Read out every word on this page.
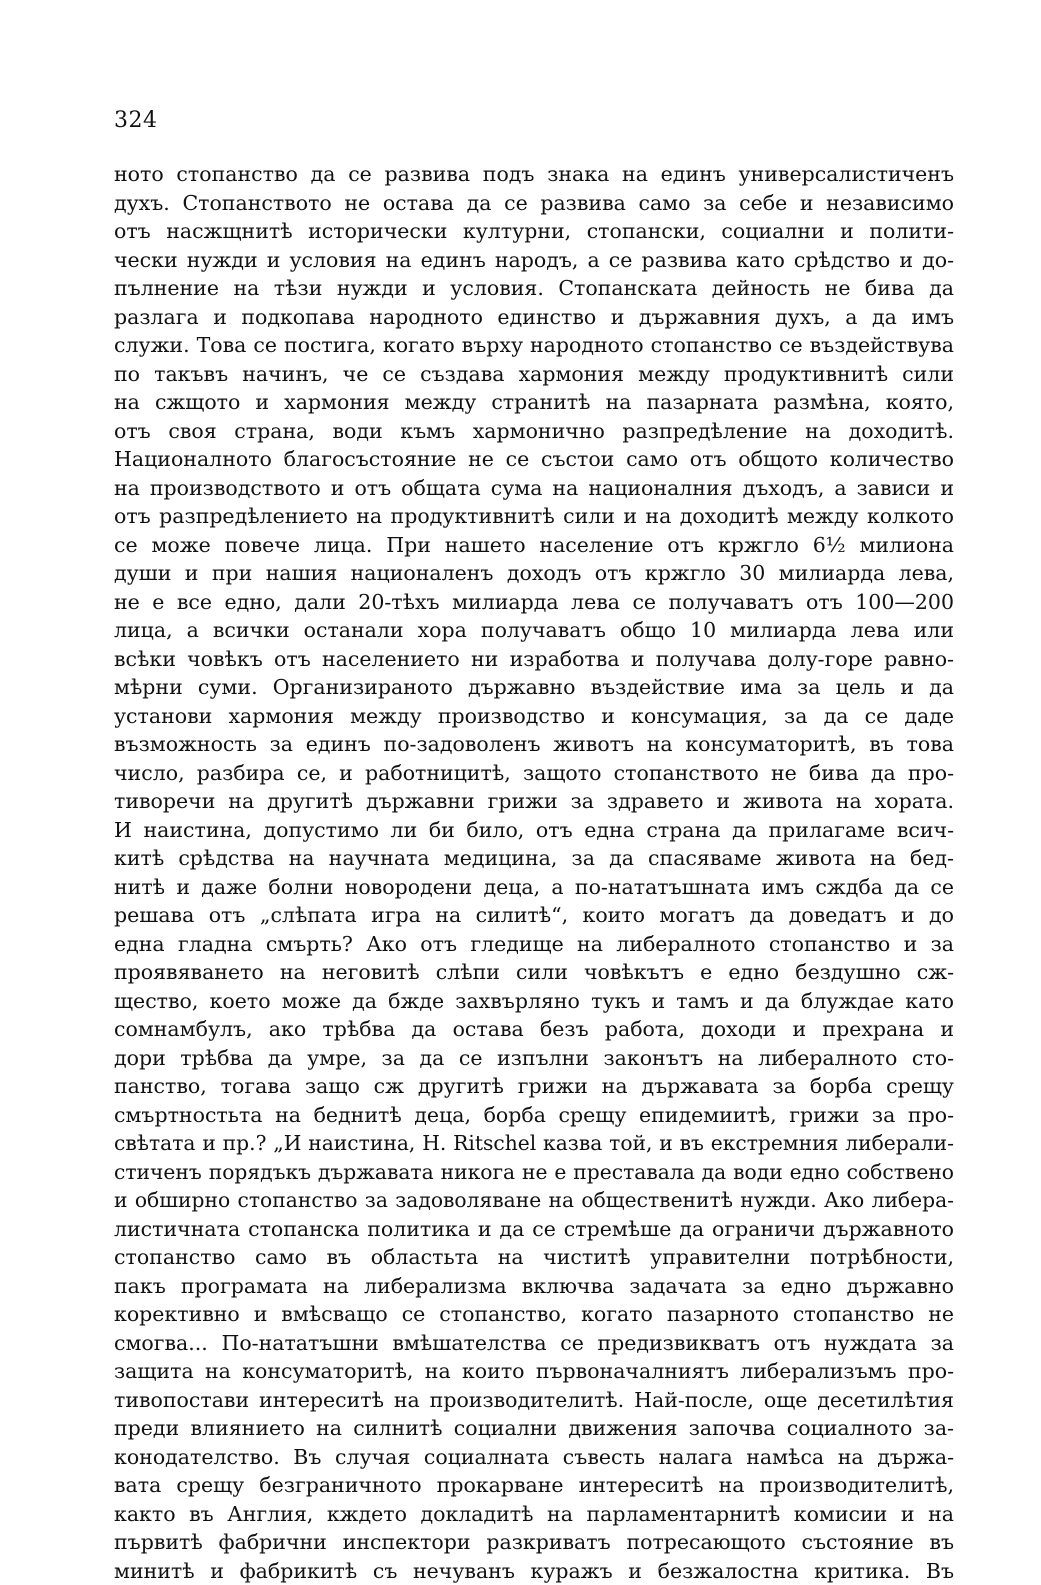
324
ното стопанство да се развива подъ знака на единъ универсалистиченъ
духъ. Стопанството не остава да се развива само за себе и независимо
отъ насжщнитѣ исторически културни, стопански, социални и полити-
чески нужди и условия на единъ народъ, а се развива като срѣдство и до-
пълнение на тѣзи нужди и условия. Стопанската дейность не бива да
разлага и подкопава народното единство и държавния духъ, а да имъ
служи. Това се постига, когато върху народното стопанство се въздействува
по такъвъ начинъ, че се създава хармония между продуктивнитѣ сили
на сжщото и хармония между странитѣ на пазарната размѣна, която,
отъ своя страна, води къмъ хармонично разпредѣление на доходитѣ.
Националното благосъстояние не се състои само отъ общото количество
на производството и отъ общата сума на националния дъходъ, а зависи и
отъ разпредѣлението на продуктивнитѣ сили и на доходитѣ между колкото
се може повече лица. При нашето население отъ кржгло 6½ милиона
души и при нашия националенъ доходъ отъ кржгло 30 милиарда лева,
не е все едно, дали 20-тѣхъ милиарда лева се получаватъ отъ 100—200
лица, а всички останали хора получаватъ общо 10 милиарда лева или
всѣки човѣкъ отъ населението ни изработва и получава долу-горе равно-
мѣрни суми. Организираното държавно въздействие има за цель и да
установи хармония между производство и консумация, за да се даде
възможность за единъ по-задоволенъ животъ на консуматоритѣ, въ това
число, разбира се, и работницитѣ, защото стопанството не бива да про-
тиворечи на другитѣ държавни грижи за здравето и живота на хората.
И наистина, допустимо ли би било, отъ една страна да прилагаме всич-
китѣ срѣдства на научната медицина, за да спасяваме живота на бед-
нитѣ и даже болни новородени деца, а по-нататъшната имъ сждба да се
решава отъ „слѣпата игра на силитѣ“, които могатъ да доведатъ и до
една гладна смърть? Ако отъ гледище на либералното стопанство и за
проявяването на неговитѣ слѣпи сили човѣкътъ е едно бездушно сж-
щество, което може да бжде захвърляно тукъ и тамъ и да блуждае като
сомнамбулъ, ако трѣбва да остава безъ работа, доходи и прехрана и
дори трѣбва да умре, за да се изпълни законътъ на либералното сто-
панство, тогава защо сж другитѣ грижи на държавата за борба срещу
смъртностьта на беднитѣ деца, борба срещу епидемиитѣ, грижи за про-
свѣтата и пр.? „И наистина, H. Ritschel казва той, и въ екстремния либерали-
стиченъ порядъкъ държавата никога не е преставала да води едно собствено
и обширно стопанство за задоволяване на общественитѣ нужди. Ако либера-
листичната стопанска политика и да се стремѣше да ограничи държавното
стопанство само въ областьта на чиститѣ управителни потрѣбности,
пакъ програмата на либерализма включва задачата за едно държавно
корективно и вмѣсващо се стопанство, когато пазарното стопанство не
смогва... По-нататъшни вмѣшателства се предизвикватъ отъ нуждата за
защита на консуматоритѣ, на които първоначалниятъ либерализъмъ про-
тивопостави интереситѣ на производителитѣ. Най-после, още десетилѣтия
преди влиянието на силнитѣ социални движения започва социалното за-
конодателство. Въ случая социалната съвесть налага намѣса на държа-
вата срещу безграничното прокарване интереситѣ на производителитѣ,
както въ Англия, кждето докладитѣ на парламентарнитѣ комисии и на
първитѣ фабрични инспектори разкриватъ потресающото състояние въ
минитѣ и фабрикитѣ съ нечуванъ куражъ и безжалостна критика. Въ
